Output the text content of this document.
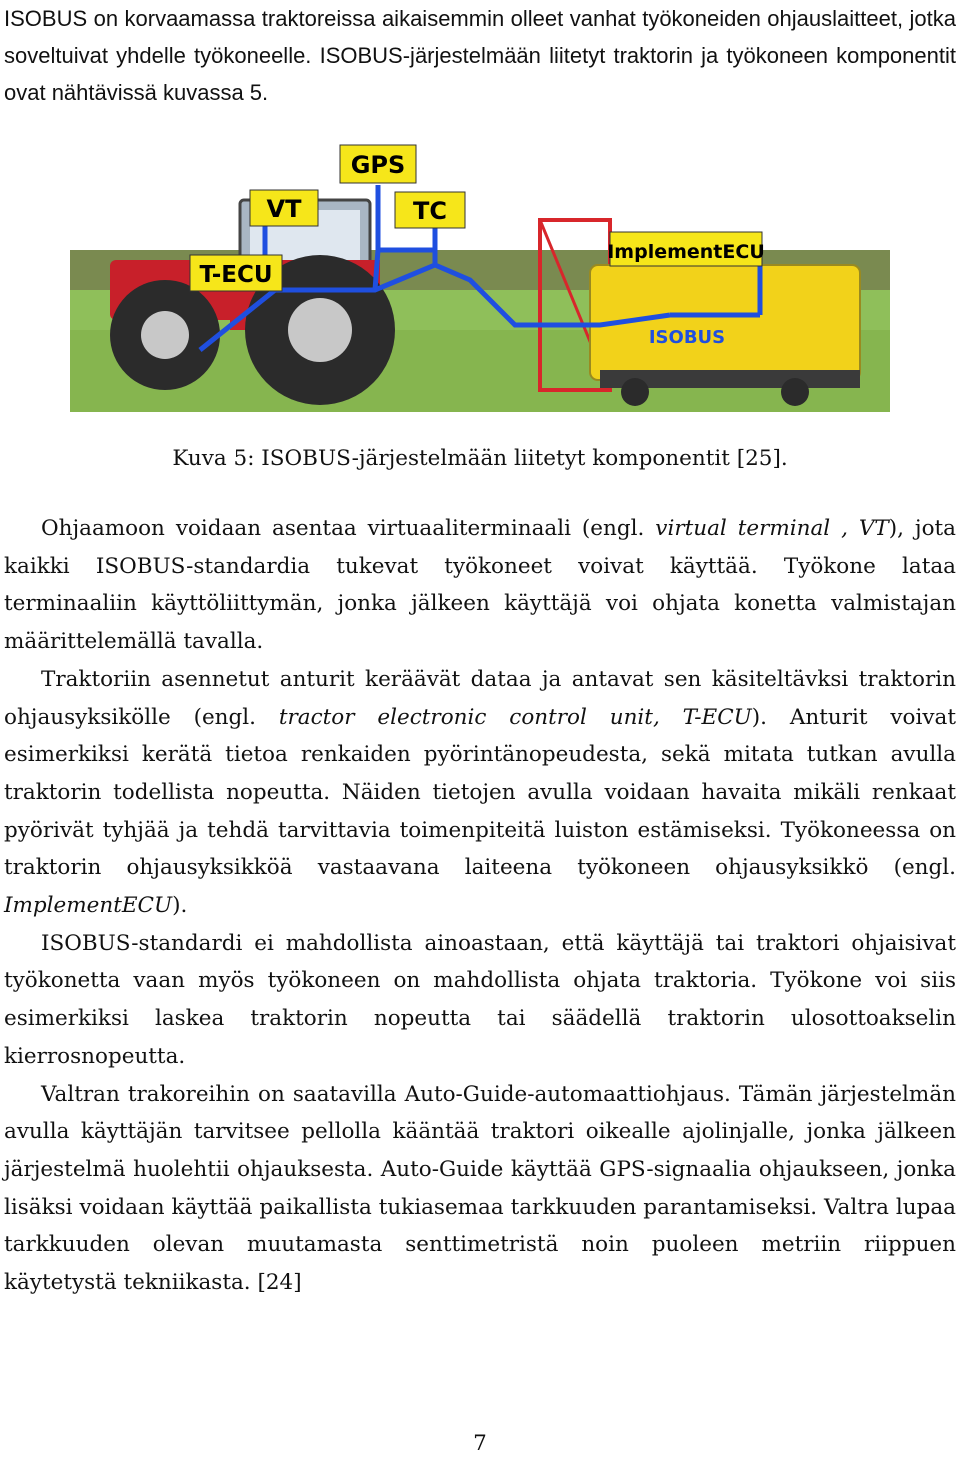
ISOBUS on korvaamassa traktoreissa aikaisemmin olleet vanhat työkoneiden ohjauslaitteet, jotka soveltuivat yhdelle työkoneelle. ISOBUS-järjestelmään liitetyt traktorin ja työkoneen komponentit ovat nähtävissä kuvassa 5.

GPS
VT	TC
T-ECU
ImplementECU
ISOBUS
Kuva 5: ISOBUS-järjestelmään liitetyt komponentit [25].

Ohjaamoon voidaan asentaa virtuaaliterminaali (engl. virtual terminal , VT), jota kaikki ISOBUS-standardia tukevat työkoneet voivat käyttää. Työkone lataa terminaaliin käyttöliittymän, jonka jälkeen käyttäjä voi ohjata konetta valmistajan määrittelemällä tavalla.

Traktoriin asennetut anturit keräävät dataa ja antavat sen käsiteltävksi traktorin ohjausyksikölle (engl. tractor electronic control unit, T-ECU). Anturit voivat esimerkiksi kerätä tietoa renkaiden pyörintänopeudesta, sekä mitata tutkan avulla traktorin todellista nopeutta. Näiden tietojen avulla voidaan havaita mikäli renkaat pyörivät tyhjää ja tehdä tarvittavia toimenpiteitä luiston estämiseksi. Työkoneessa on traktorin ohjausyksikköä vastaavana laiteena työkoneen ohjausyksikkö (engl. ImplementECU).

ISOBUS-standardi ei mahdollista ainoastaan, että käyttäjä tai traktori ohjaisivat työkonetta vaan myös työkoneen on mahdollista ohjata traktoria. Työkone voi siis esimerkiksi laskea traktorin nopeutta tai säädellä traktorin ulosottoakselin kierrosnopeutta.

Valtran trakoreihin on saatavilla Auto-Guide-automaattiohjaus. Tämän järjestelmän avulla käyttäjän tarvitsee pellolla kääntää traktori oikealle ajolinjalle, jonka jälkeen järjestelmä huolehtii ohjauksesta. Auto-Guide käyttää GPS-signaalia ohjaukseen, jonka lisäksi voidaan käyttää paikallista tukiasemaa tarkkuuden parantamiseksi. Valtra lupaa tarkkuuden olevan muutamasta senttimetristä noin puoleen metriin riippuen käytetystä tekniikasta. [24]

7
